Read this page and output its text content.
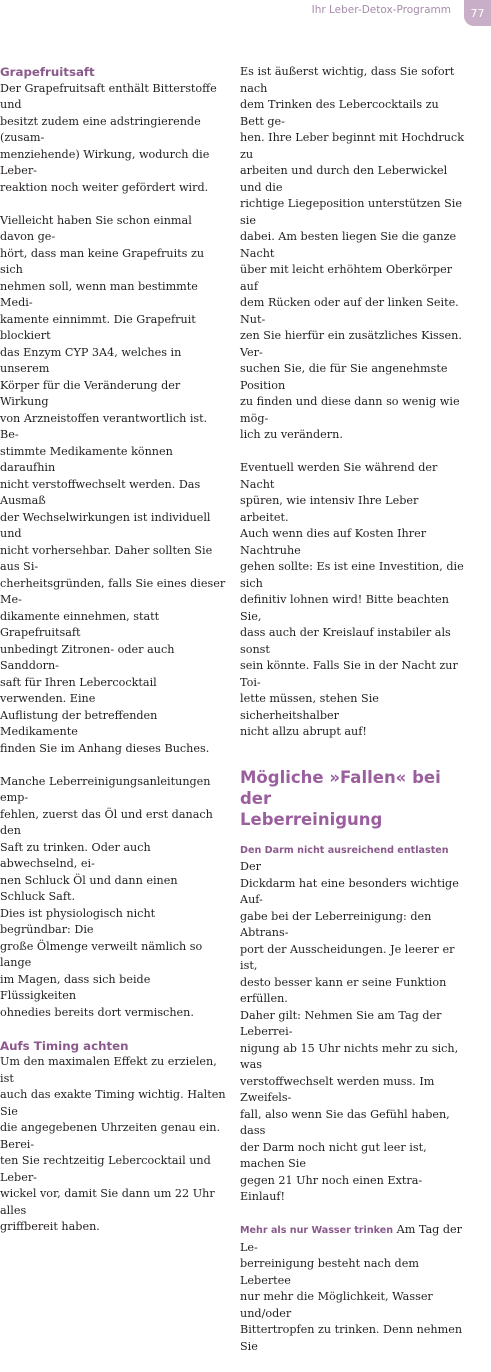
Ihr Leber-Detox-Programm 77
Grapefruitsaft

Der Grapefruitsaft enthält Bitterstoffe und
besitzt zudem eine adstringierende (zusam-
menziehende) Wirkung, wodurch die Leber-
reaktion noch weiter gefördert wird.

Vielleicht haben Sie schon einmal davon ge-
hört, dass man keine Grapefruits zu sich
nehmen soll, wenn man bestimmte Medi-
kamente einnimmt. Die Grapefruit blockiert
das Enzym CYP 3A4, welches in unserem
Körper für die Veränderung der Wirkung
von Arzneistoffen verantwortlich ist. Be-
stimmte Medikamente können daraufhin
nicht verstoffwechselt werden. Das Ausmaß
der Wechselwirkungen ist individuell und
nicht vorhersehbar. Daher sollten Sie aus Si-
cherheitsgründen, falls Sie eines dieser Me-
dikamente einnehmen, statt Grapefruitsaft
unbedingt Zitronen- oder auch Sanddorn-
saft für Ihren Lebercocktail verwenden. Eine
Auflistung der betreffenden Medikamente
finden Sie im Anhang dieses Buches.

Manche Leberreinigungsanleitungen emp-
fehlen, zuerst das Öl und erst danach den
Saft zu trinken. Oder auch abwechselnd, ei-
nen Schluck Öl und dann einen Schluck Saft.
Dies ist physiologisch nicht begründbar: Die
große Ölmenge verweilt nämlich so lange
im Magen, dass sich beide Flüssigkeiten
ohnedies bereits dort vermischen.

Aufs Timing achten

Um den maximalen Effekt zu erzielen, ist
auch das exakte Timing wichtig. Halten Sie
die angegebenen Uhrzeiten genau ein. Berei-
ten Sie rechtzeitig Lebercocktail und Leber-
wickel vor, damit Sie dann um 22 Uhr alles
griffbereit haben.

Es ist äußerst wichtig, dass Sie sofort nach
dem Trinken des Lebercocktails zu Bett ge-
hen. Ihre Leber beginnt mit Hochdruck zu
arbeiten und durch den Leberwickel und die
richtige Liegeposition unterstützen Sie sie
dabei. Am besten liegen Sie die ganze Nacht
über mit leicht erhöhtem Oberkörper auf
dem Rücken oder auf der linken Seite. Nut-
zen Sie hierfür ein zusätzliches Kissen. Ver-
suchen Sie, die für Sie angenehmste Position
zu finden und diese dann so wenig wie mög-
lich zu verändern.

Eventuell werden Sie während der Nacht
spüren, wie intensiv Ihre Leber arbeitet.
Auch wenn dies auf Kosten Ihrer Nachtruhe
gehen sollte: Es ist eine Investition, die sich
definitiv lohnen wird! Bitte beachten Sie,
dass auch der Kreislauf instabiler als sonst
sein könnte. Falls Sie in der Nacht zur Toi-
lette müssen, stehen Sie sicherheitshalber
nicht allzu abrupt auf!

Mögliche »Fallen« bei der
Leberreinigung

Den Darm nicht ausreichend entlasten Der
Dickdarm hat eine besonders wichtige Auf-
gabe bei der Leberreinigung: den Abtrans-
port der Ausscheidungen. Je leerer er ist,
desto besser kann er seine Funktion erfüllen.
Daher gilt: Nehmen Sie am Tag der Leberrei-
nigung ab 15 Uhr nichts mehr zu sich, was
verstoffwechselt werden muss. Im Zweifels-
fall, also wenn Sie das Gefühl haben, dass
der Darm noch nicht gut leer ist, machen Sie
gegen 21 Uhr noch einen Extra-Einlauf!

Mehr als nur Wasser trinken Am Tag der Le-
berreinigung besteht nach dem Lebertee
nur mehr die Möglichkeit, Wasser und/oder
Bittertropfen zu trinken. Denn nehmen Sie
